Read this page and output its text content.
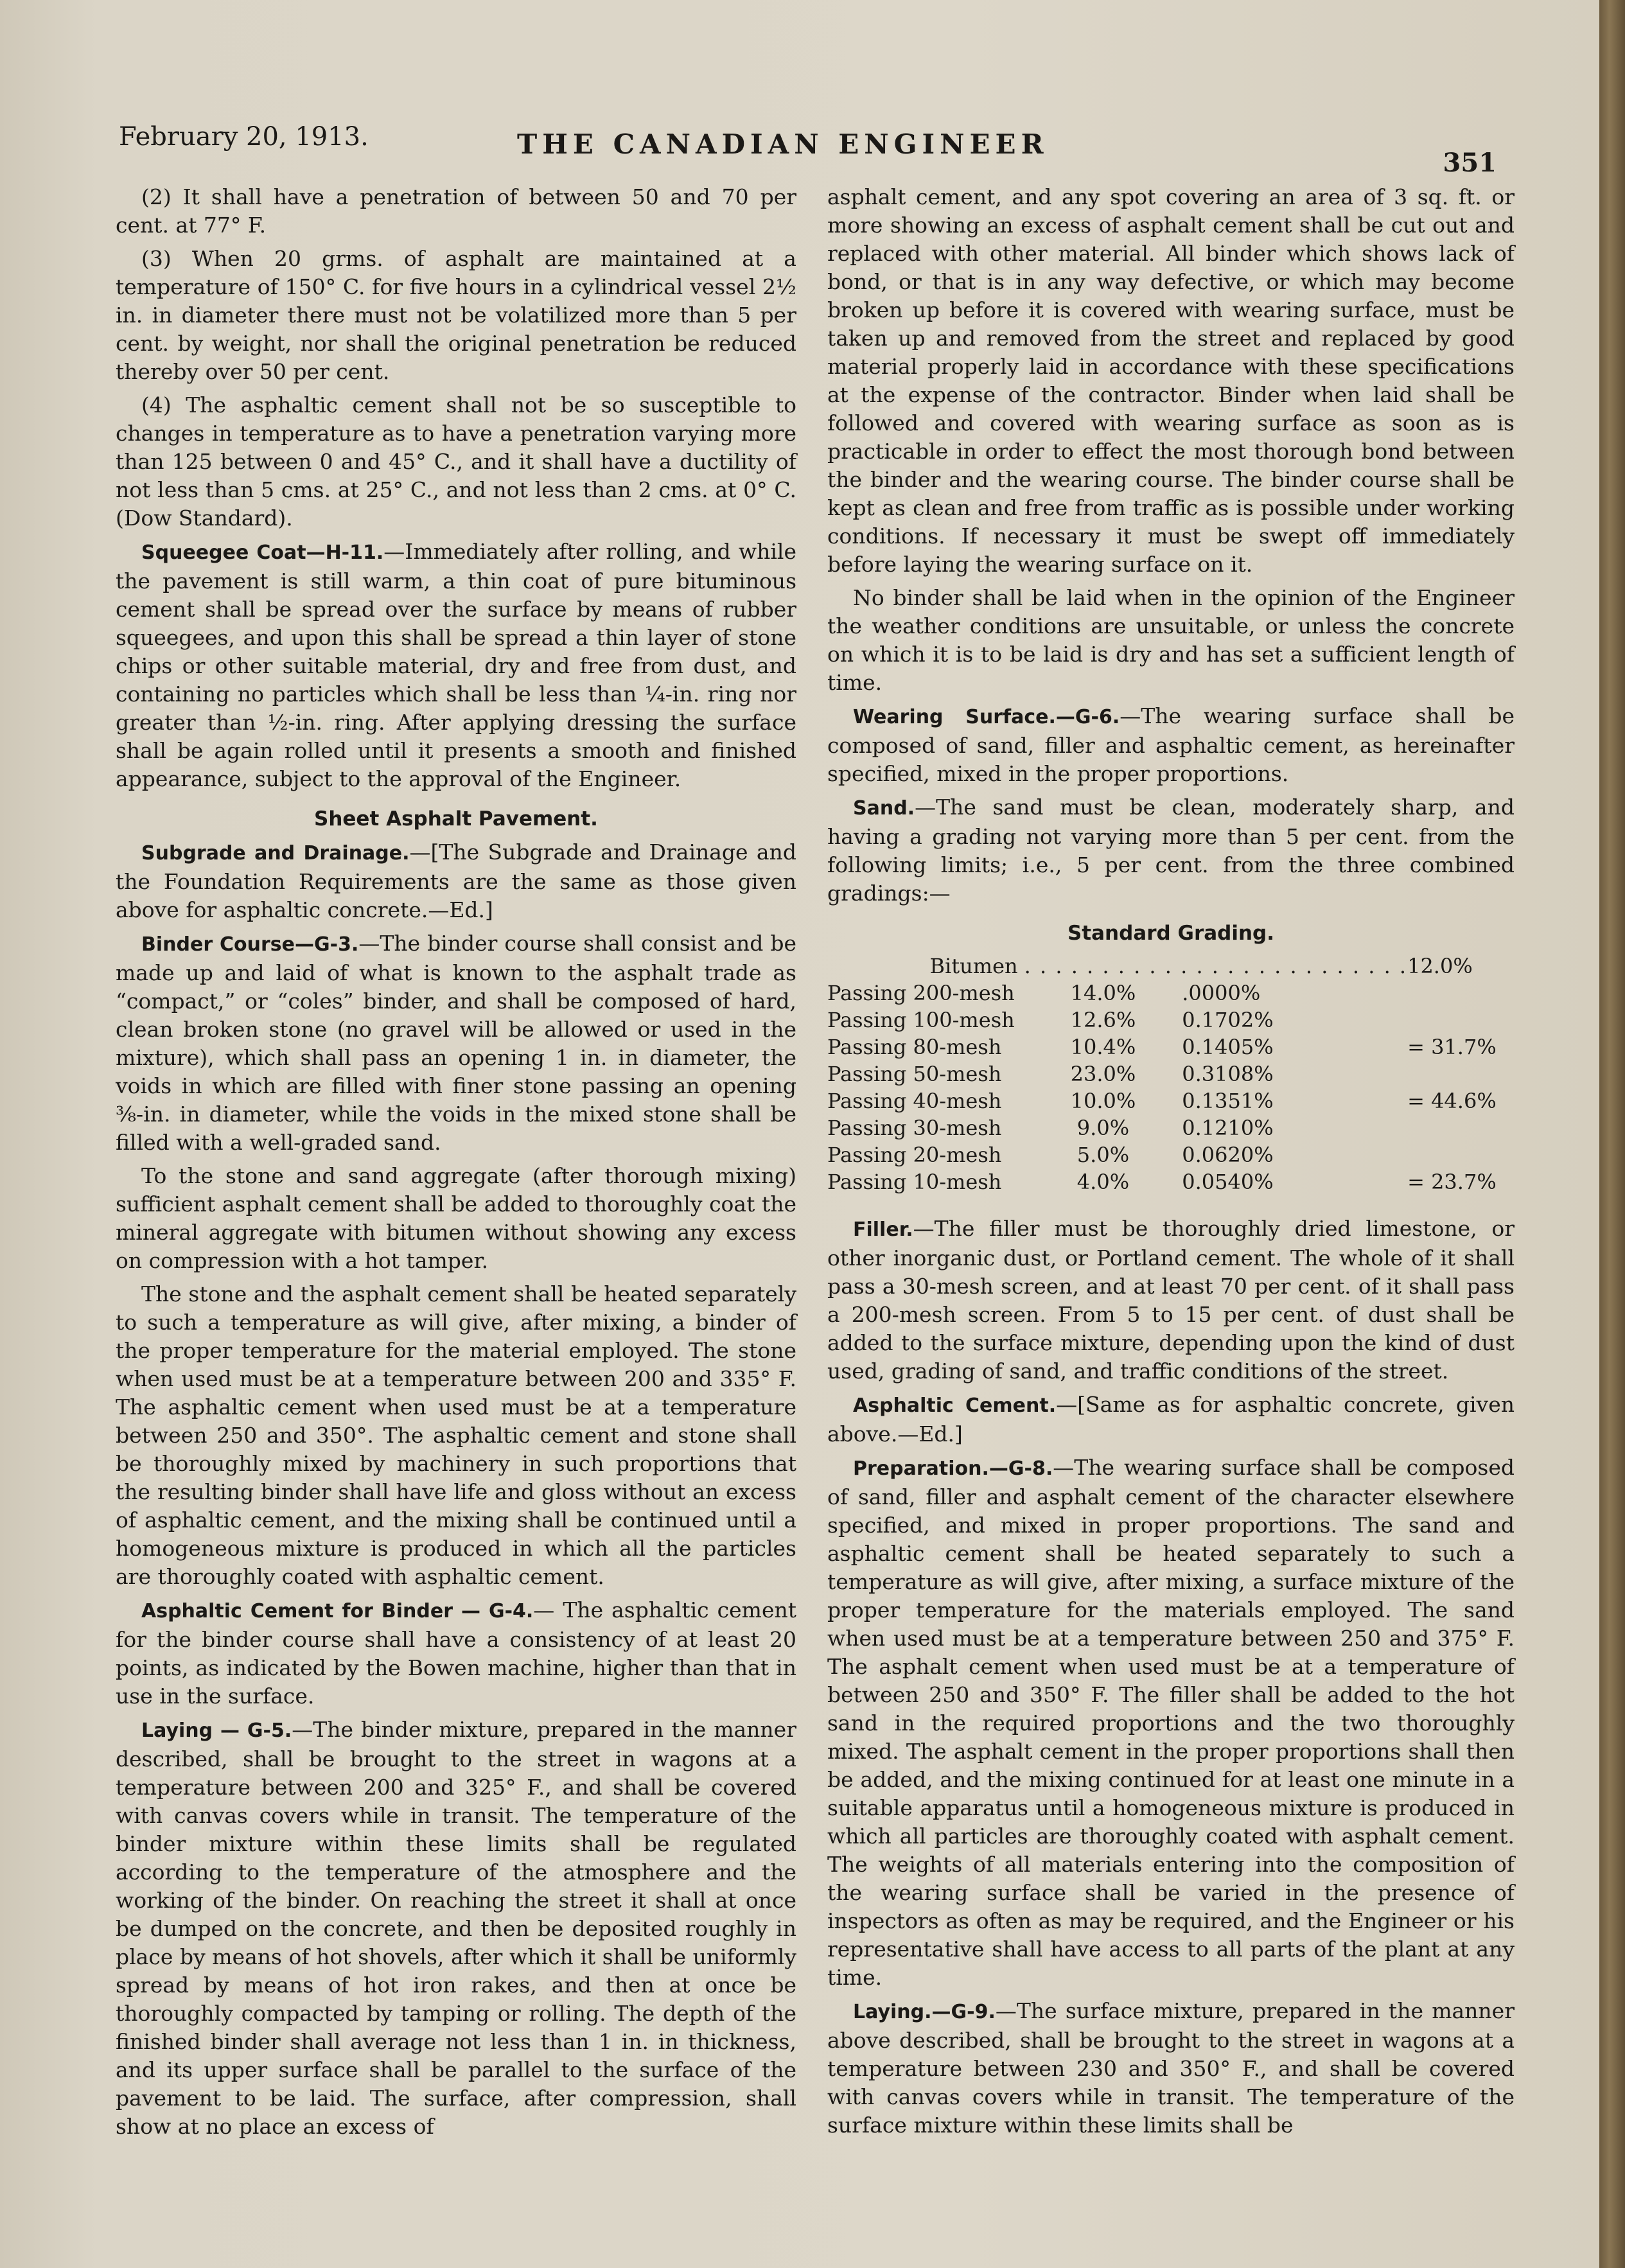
February 20, 1913.	THE CANADIAN ENGINEER
351

(2) It shall have a penetration of between 50 and 70 per cent. at 77° F.

(3) When 20 grms. of asphalt are maintained at a temperature of 150° C. for five hours in a cylindrical vessel 2½ in. in diameter there must not be volatilized more than 5 per cent. by weight, nor shall the original penetration be reduced thereby over 50 per cent.

(4) The asphaltic cement shall not be so susceptible to changes in temperature as to have a penetration varying more than 125 between 0 and 45° C., and it shall have a ductility of not less than 5 cms. at 25° C., and not less than 2 cms. at 0° C. (Dow Standard).

Squeegee Coat—H-11.—Immediately after rolling, and while the pavement is still warm, a thin coat of pure bituminous cement shall be spread over the surface by means of rubber squeegees, and upon this shall be spread a thin layer of stone chips or other suitable material, dry and free from dust, and containing no particles which shall be less than ¼-in. ring nor greater than ½-in. ring. After applying dressing the surface shall be again rolled until it presents a smooth and finished appearance, subject to the approval of the Engineer.

Sheet Asphalt Pavement.

Subgrade and Drainage.—[The Subgrade and Drainage and the Foundation Requirements are the same as those given above for asphaltic concrete.—Ed.]

Binder Course—G-3.—The binder course shall consist and be made up and laid of what is known to the asphalt trade as “compact,” or “coles” binder, and shall be composed of hard, clean broken stone (no gravel will be allowed or used in the mixture), which shall pass an opening 1 in. in diameter, the voids in which are filled with finer stone passing an opening ⅜-in. in diameter, while the voids in the mixed stone shall be filled with a well-graded sand.

To the stone and sand aggregate (after thorough mixing) sufficient asphalt cement shall be added to thoroughly coat the mineral aggregate with bitumen without showing any excess on compression with a hot tamper.

The stone and the asphalt cement shall be heated separately to such a temperature as will give, after mixing, a binder of the proper temperature for the material employed. The stone when used must be at a temperature between 200 and 335° F. The asphaltic cement when used must be at a temperature between 250 and 350°. The asphaltic cement and stone shall be thoroughly mixed by machinery in such proportions that the resulting binder shall have life and gloss without an excess of asphaltic cement, and the mixing shall be continued until a homogeneous mixture is produced in which all the particles are thoroughly coated with asphaltic cement.

Asphaltic Cement for Binder — G-4.— The asphaltic cement for the binder course shall have a consistency of at least 20 points, as indicated by the Bowen machine, higher than that in use in the surface.

Laying — G-5.—The binder mixture, prepared in the manner described, shall be brought to the street in wagons at a temperature between 200 and 325° F., and shall be covered with canvas covers while in transit. The temperature of the binder mixture within these limits shall be regulated according to the temperature of the atmosphere and the working of the binder. On reaching the street it shall at once be dumped on the concrete, and then be deposited roughly in place by means of hot shovels, after which it shall be uniformly spread by means of hot iron rakes, and then at once be thoroughly compacted by tamping or rolling. The depth of the finished binder shall average not less than 1 in. in thickness, and its upper surface shall be parallel to the surface of the pavement to be laid. The surface, after compression, shall show at no place an excess of

asphalt cement, and any spot covering an area of 3 sq. ft. or more showing an excess of asphalt cement shall be cut out and replaced with other material. All binder which shows lack of bond, or that is in any way defective, or which may become broken up before it is covered with wearing surface, must be taken up and removed from the street and replaced by good material properly laid in accordance with these specifications at the expense of the contractor. Binder when laid shall be followed and covered with wearing surface as soon as is practicable in order to effect the most thorough bond between the binder and the wearing course. The binder course shall be kept as clean and free from traffic as is possible under working conditions. If necessary it must be swept off immediately before laying the wearing surface on it.

No binder shall be laid when in the opinion of the Engineer the weather conditions are unsuitable, or unless the concrete on which it is to be laid is dry and has set a sufficient length of time.

Wearing Surface.—G-6.—The wearing surface shall be composed of sand, filler and asphaltic cement, as hereinafter specified, mixed in the proper proportions.

Sand.—The sand must be clean, moderately sharp, and having a grading not varying more than 5 per cent. from the following limits; i.e., 5 per cent. from the three combined gradings:—

Standard Grading.
Bitumen	. . . . . . . . . . . . . . . . . . . . . . . . .		12.0%
Passing 200-mesh	14.0%	.0000%	
Passing 100-mesh	12.6%	0.1702%	
Passing 80-mesh	10.4%	0.1405%	= 31.7%
Passing 50-mesh	23.0%	0.3108%	
Passing 40-mesh	10.0%	0.1351%	= 44.6%
Passing 30-mesh	9.0%	0.1210%	
Passing 20-mesh	5.0%	0.0620%	
Passing 10-mesh	4.0%	0.0540%	= 23.7%

Filler.—The filler must be thoroughly dried limestone, or other inorganic dust, or Portland cement. The whole of it shall pass a 30-mesh screen, and at least 70 per cent. of it shall pass a 200-mesh screen. From 5 to 15 per cent. of dust shall be added to the surface mixture, depending upon the kind of dust used, grading of sand, and traffic conditions of the street.

Asphaltic Cement.—[Same as for asphaltic concrete, given above.—Ed.]

Preparation.—G-8.—The wearing surface shall be composed of sand, filler and asphalt cement of the character elsewhere specified, and mixed in proper proportions. The sand and asphaltic cement shall be heated separately to such a temperature as will give, after mixing, a surface mixture of the proper temperature for the materials employed. The sand when used must be at a temperature between 250 and 375° F. The asphalt cement when used must be at a temperature of between 250 and 350° F. The filler shall be added to the hot sand in the required proportions and the two thoroughly mixed. The asphalt cement in the proper proportions shall then be added, and the mixing continued for at least one minute in a suitable apparatus until a homogeneous mixture is produced in which all particles are thoroughly coated with asphalt cement. The weights of all materials entering into the composition of the wearing surface shall be varied in the presence of inspectors as often as may be required, and the Engineer or his representative shall have access to all parts of the plant at any time.

Laying.—G-9.—The surface mixture, prepared in the manner above described, shall be brought to the street in wagons at a temperature between 230 and 350° F., and shall be covered with canvas covers while in transit. The temperature of the surface mixture within these limits shall be
